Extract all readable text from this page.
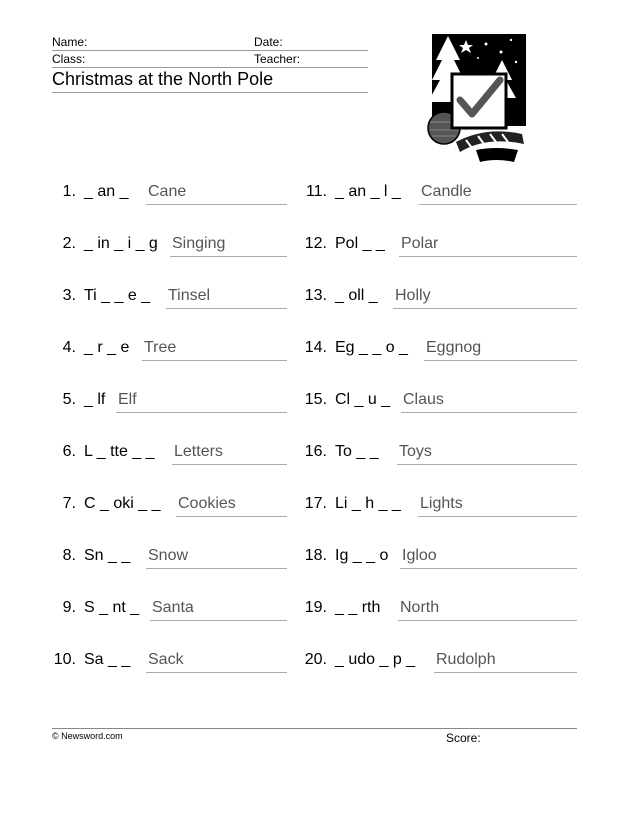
Name:	Date:
Class:	Teacher:
Christmas at the North Pole
1. _ an _ Cane
2. _ in _ i _ g Singing
3. Ti _ _ e _ Tinsel
4. _ r _ e Tree
5. _ lf Elf
6. L _ tte _ _ Letters
7. C _ oki _ _ Cookies
8. Sn _ _ Snow
9. S _ nt _ Santa
10. Sa _ _ Sack
11. _ an _ l _ Candle
12. Pol _ _ Polar
13. _ oll _ Holly
14. Eg _ _ o _ Eggnog
15. Cl _ u _ Claus
16. To _ _ Toys
17. Li _ h _ _ Lights
18. Ig _ _ o Igloo
19. _ _ rth North
20. _ udo _ p _ Rudolph
© Newsword.com	Score:
